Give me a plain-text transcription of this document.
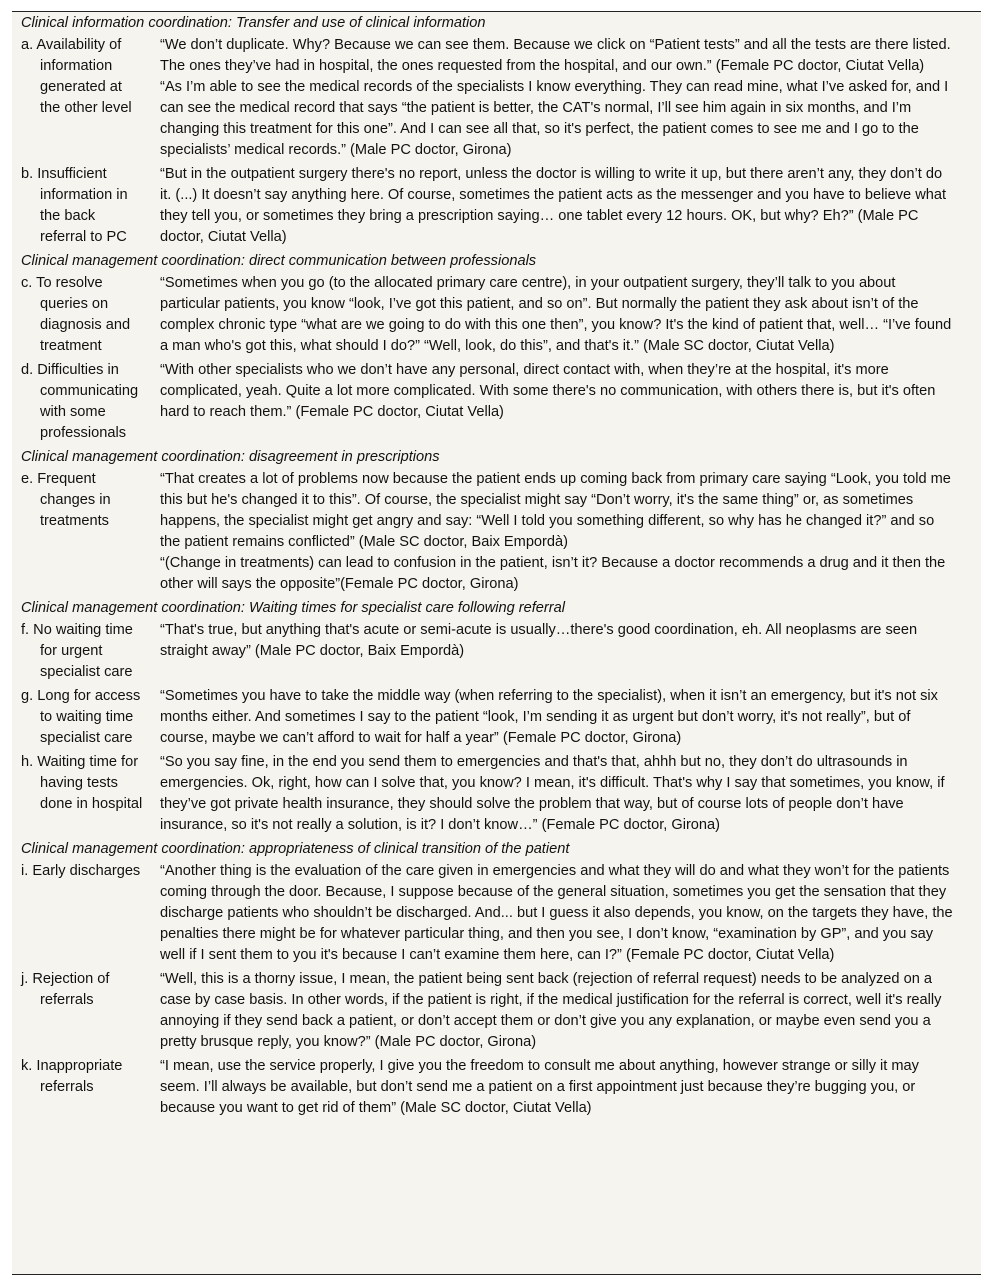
Clinical information coordination: Transfer and use of clinical information	

a. Availability of information generated at the other level	“We don’t duplicate. Why? Because we can see them. Because we click on “Patient tests” and all the tests are there listed. The ones they’ve had in hospital, the ones requested from the hospital, and our own.” (Female PC doctor, Ciutat Vella)
“As I’m able to see the medical records of the specialists I know everything. They can read mine, what I’ve asked for, and I can see the medical record that says “the patient is better, the CAT's normal, I’ll see him again in six months, and I’m changing this treatment for this one”. And I can see all that, so it's perfect, the patient comes to see me and I go to the specialists’ medical records.” (Male PC doctor, Girona)

b. Insufficient information in the back referral to PC	“But in the outpatient surgery there's no report, unless the doctor is willing to write it up, but there aren’t any, they don’t do it. (...) It doesn’t say anything here. Of course, sometimes the patient acts as the messenger and you have to believe what they tell you, or sometimes they bring a prescription saying… one tablet every 12 hours. OK, but why? Eh?” (Male PC doctor, Ciutat Vella)

Clinical management coordination: direct communication between professionals	

c. To resolve queries on diagnosis and treatment	“Sometimes when you go (to the allocated primary care centre), in your outpatient surgery, they’ll talk to you about particular patients, you know “look, I’ve got this patient, and so on”. But normally the patient they ask about isn’t of the complex chronic type “what are we going to do with this one then”, you know? It's the kind of patient that, well… “I’ve found a man who's got this, what should I do?” “Well, look, do this”, and that's it.” (Male SC doctor, Ciutat Vella)

d. Difficulties in communicating with some professionals	“With other specialists who we don’t have any personal, direct contact with, when they’re at the hospital, it's more complicated, yeah. Quite a lot more complicated. With some there's no communication, with others there is, but it's often hard to reach them.” (Female PC doctor, Ciutat Vella)

Clinical management coordination: disagreement in prescriptions	

e. Frequent changes in treatments	“That creates a lot of problems now because the patient ends up coming back from primary care saying “Look, you told me this but he's changed it to this”. Of course, the specialist might say “Don’t worry, it's the same thing” or, as sometimes happens, the specialist might get angry and say: “Well I told you something different, so why has he changed it?” and so the patient remains conflicted” (Male SC doctor, Baix Empordà)
“(Change in treatments) can lead to confusion in the patient, isn’t it? Because a doctor recommends a drug and it then the other will says the opposite”(Female PC doctor, Girona)

Clinical management coordination: Waiting times for specialist care following referral	

f. No waiting time for urgent specialist care	“That's true, but anything that's acute or semi-acute is usually…there's good coordination, eh. All neoplasms are seen straight away” (Male PC doctor, Baix Empordà)

g. Long for access to waiting time specialist care	“Sometimes you have to take the middle way (when referring to the specialist), when it isn’t an emergency, but it's not six months either. And sometimes I say to the patient “look, I’m sending it as urgent but don’t worry, it's not really”, but of course, maybe we can’t afford to wait for half a year” (Female PC doctor, Girona)

h. Waiting time for having tests done in hospital	“So you say fine, in the end you send them to emergencies and that's that, ahhh but no, they don’t do ultrasounds in emergencies. Ok, right, how can I solve that, you know? I mean, it's difficult. That's why I say that sometimes, you know, if they’ve got private health insurance, they should solve the problem that way, but of course lots of people don’t have insurance, so it's not really a solution, is it? I don’t know…” (Female PC doctor, Girona)

Clinical management coordination: appropriateness of clinical transition of the patient	

i. Early discharges	“Another thing is the evaluation of the care given in emergencies and what they will do and what they won’t for the patients coming through the door. Because, I suppose because of the general situation, sometimes you get the sensation that they discharge patients who shouldn’t be discharged. And... but I guess it also depends, you know, on the targets they have, the penalties there might be for whatever particular thing, and then you see, I don’t know, “examination by GP”, and you say well if I sent them to you it's because I can’t examine them here, can I?” (Female PC doctor, Ciutat Vella)

j. Rejection of referrals	“Well, this is a thorny issue, I mean, the patient being sent back (rejection of referral request) needs to be analyzed on a case by case basis. In other words, if the patient is right, if the medical justification for the referral is correct, well it's really annoying if they send back a patient, or don’t accept them or don’t give you any explanation, or maybe even send you a pretty brusque reply, you know?” (Male PC doctor, Girona)

k. Inappropriate referrals	“I mean, use the service properly, I give you the freedom to consult me about anything, however strange or silly it may seem. I’ll always be available, but don’t send me a patient on a first appointment just because they’re bugging you, or because you want to get rid of them” (Male SC doctor, Ciutat Vella)
